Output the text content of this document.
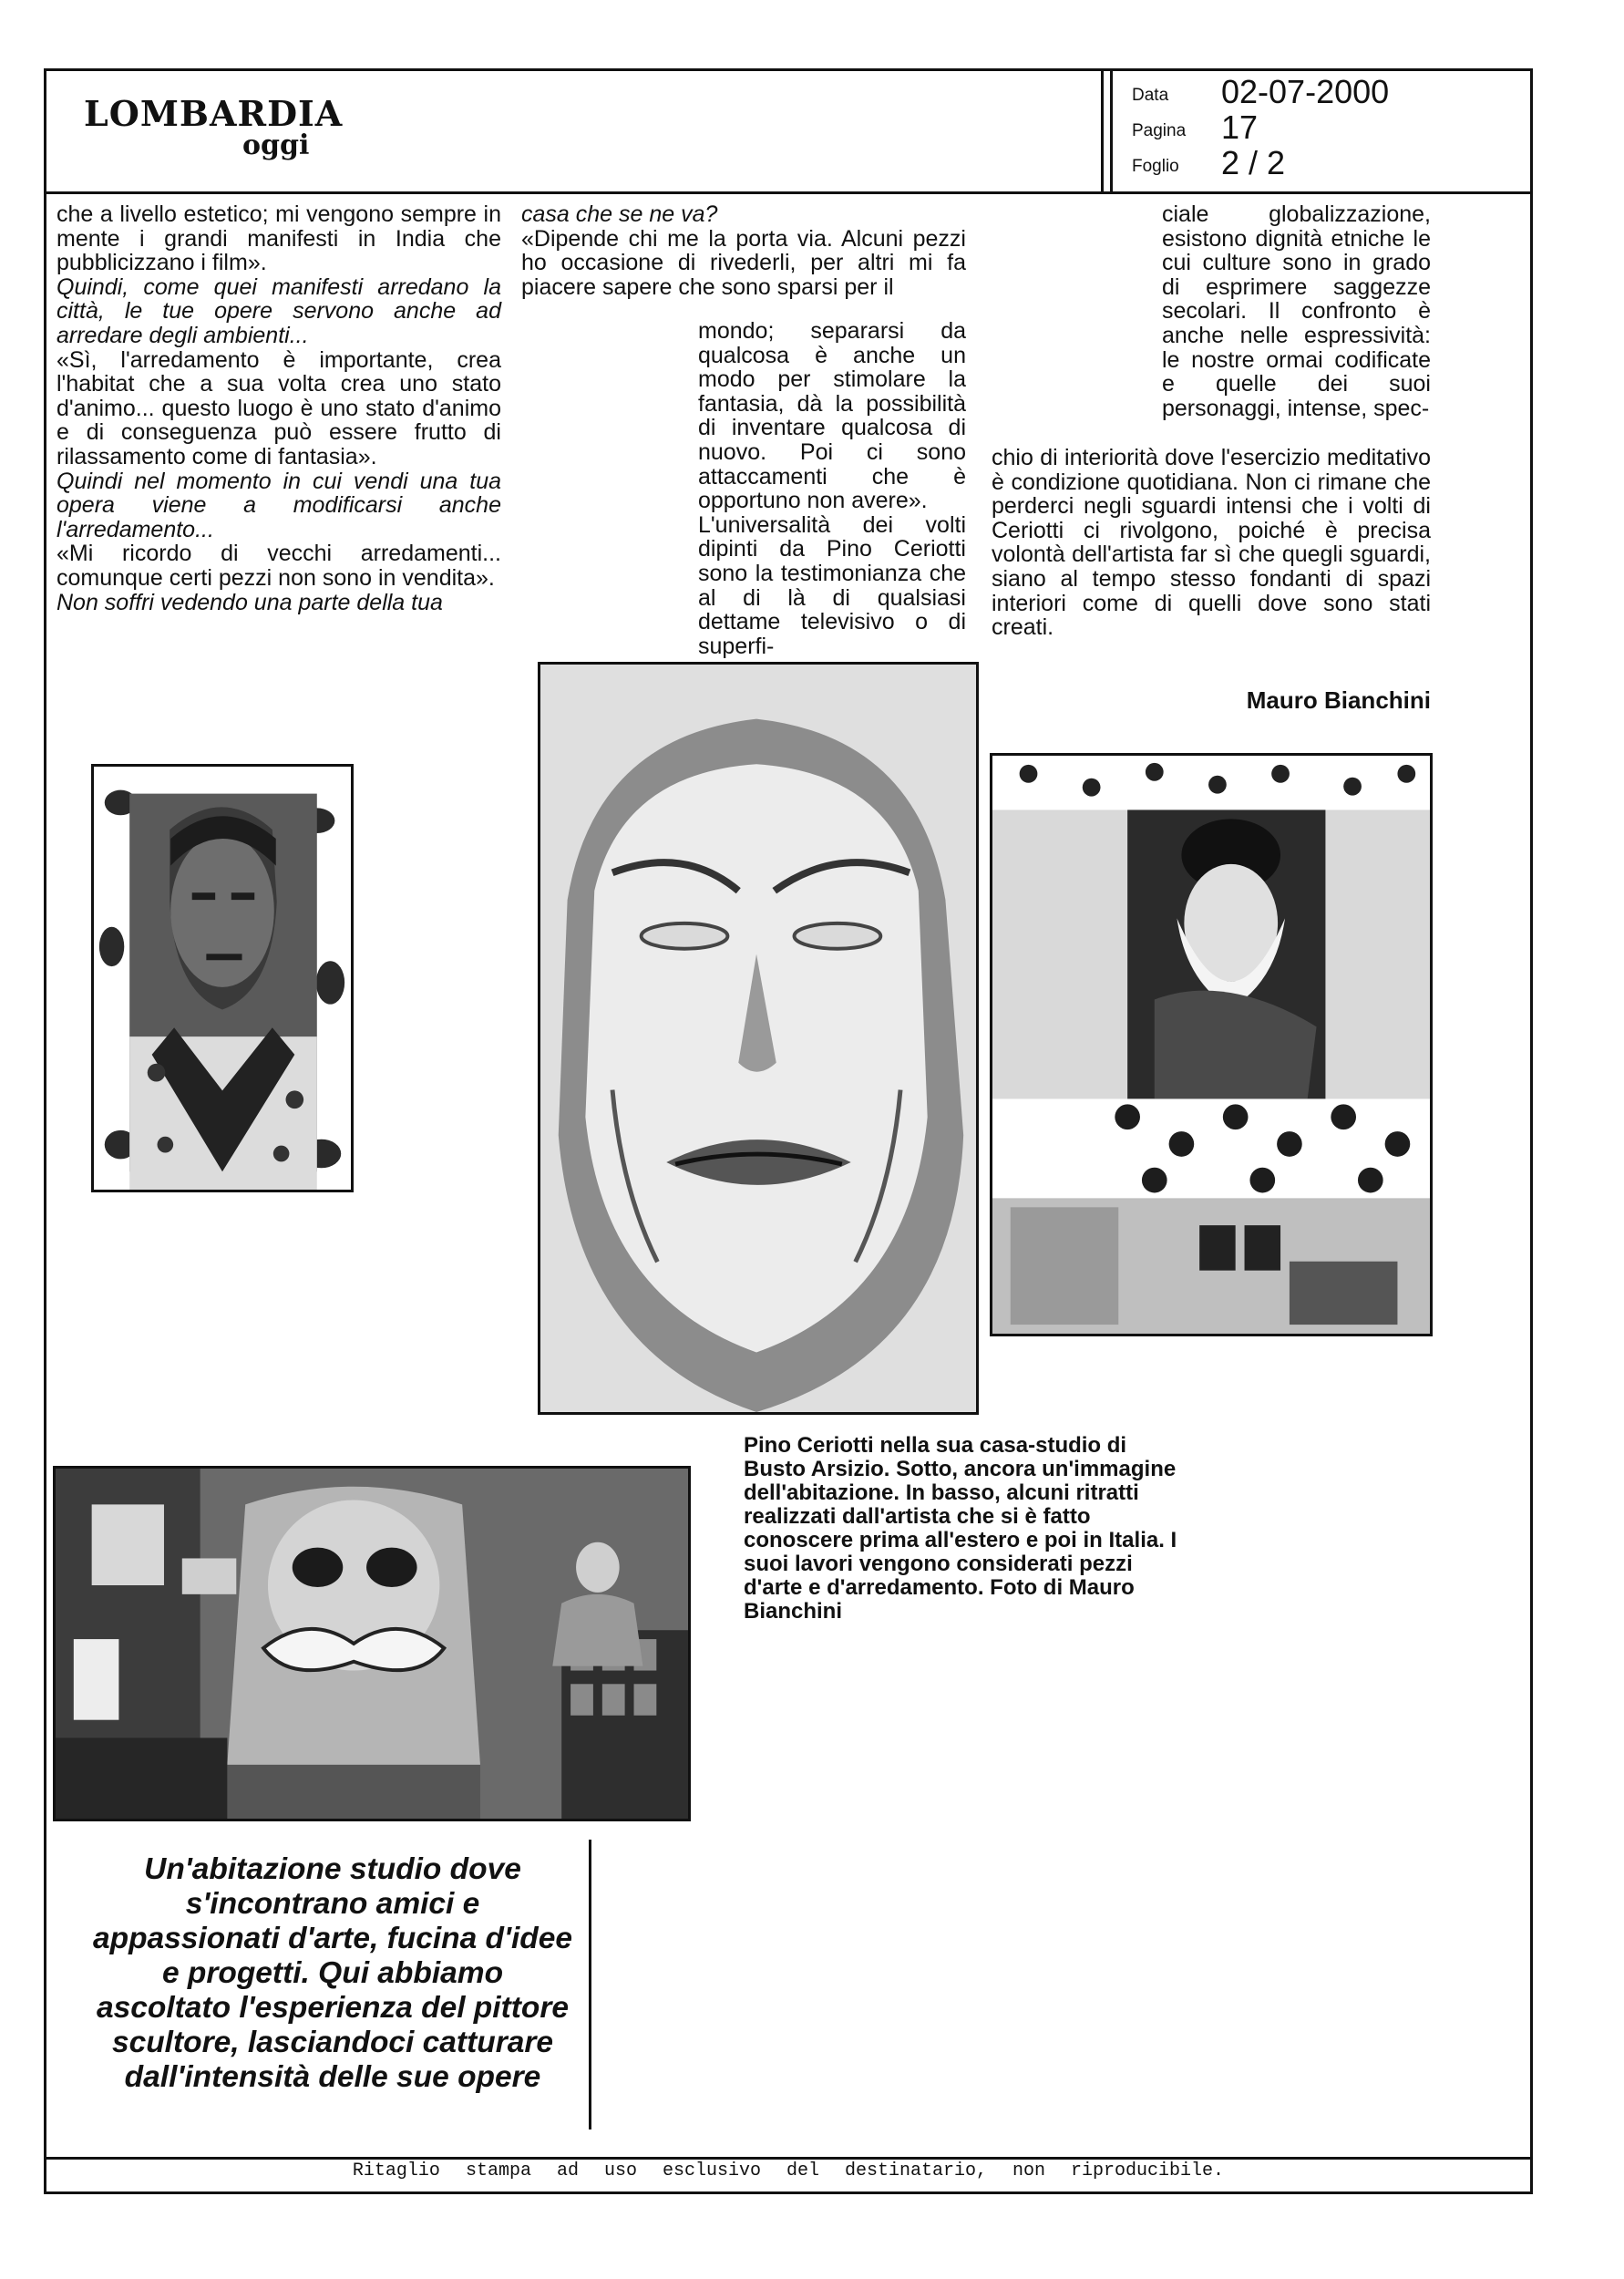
LOMBARDIA
oggi
Data 02-07-2000
Pagina 17
Foglio 2 / 2

che a livello estetico; mi vengono sempre in mente i grandi manifesti in India che pubblicizzano i film».

Quindi, come quei manifesti arredano la città, le tue opere servono anche ad arredare degli ambienti...

«Sì, l'arredamento è importante, crea l'habitat che a sua volta crea uno stato d'animo... questo luogo è uno stato d'animo e di conseguenza può essere frutto di rilassamento come di fantasia».

Quindi nel momento in cui vendi una tua opera viene a modificarsi anche l'arredamento...

«Mi ricordo di vecchi arredamenti... comunque certi pezzi non sono in vendita».

Non soffri vedendo una parte della tua

casa che se ne va?

«Dipende chi me la porta via. Alcuni pezzi ho occasione di rivederli, per altri mi fa piacere sapere che sono sparsi per il

mondo; separarsi da qualcosa è anche un modo per stimolare la fantasia, dà la possibilità di inventare qualcosa di nuovo. Poi ci sono attaccamenti che è opportuno non avere».

L'universalità dei volti dipinti da Pino Ceriotti sono la testimonianza che al di là di qualsiasi dettame televisivo o di superfi-

ciale globalizzazione, esistono dignità etniche le cui culture sono in grado di esprimere saggezze secolari. Il confronto è anche nelle espressività: le nostre ormai codificate e quelle dei suoi personaggi, intense, spec-

chio di interiorità dove l'esercizio meditativo è condizione quotidiana. Non ci rimane che perderci negli sguardi intensi che i volti di Ceriotti ci rivolgono, poiché è precisa volontà dell'artista far sì che quegli sguardi, siano al tempo stesso fondanti di spazi interiori come di quelli dove sono stati creati.

Mauro Bianchini
Pino Ceriotti nella sua casa-studio di Busto Arsizio. Sotto, ancora un'immagine dell'abitazione. In basso, alcuni ritratti realizzati dall'artista che si è fatto conoscere prima all'estero e poi in Italia. I suoi lavori vengono considerati pezzi d'arte e d'arredamento. Foto di Mauro Bianchini
Un'abitazione studio dove s'incontrano amici e appassionati d'arte, fucina d'idee e progetti. Qui abbiamo ascoltato l'esperienza del pittore scultore, lasciandoci catturare dall'intensità delle sue opere
Ritaglio stampa ad uso esclusivo del destinatario, non riproducibile.
